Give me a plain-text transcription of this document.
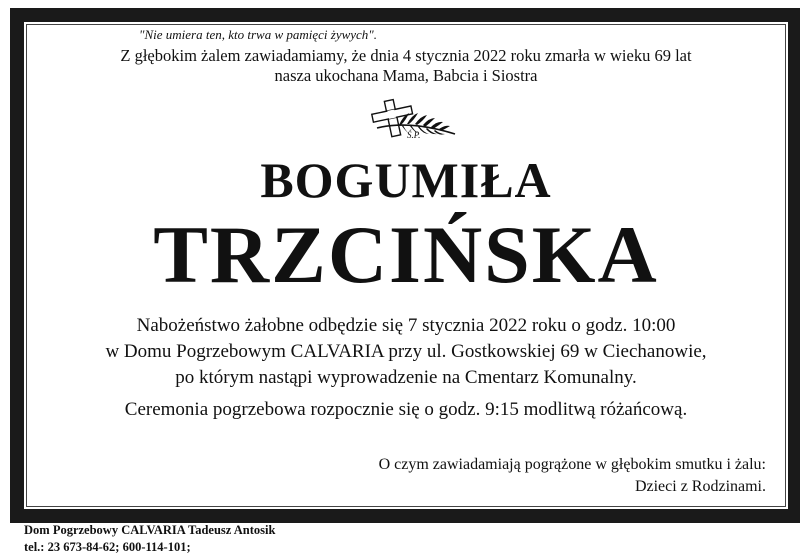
"Nie umiera ten, kto trwa w pamięci żywych".
Z głębokim żalem zawiadamiamy, że dnia 4 stycznia 2022 roku zmarła w wieku 69 lat
nasza ukochana Mama, Babcia i Siostra
Ś.P.
BOGUMIŁA
TRZCIŃSKA
Nabożeństwo żałobne odbędzie się 7 stycznia 2022 roku o godz. 10:00
w Domu Pogrzebowym CALVARIA przy ul. Gostkowskiej 69 w Ciechanowie,
po którym nastąpi wyprowadzenie na Cmentarz Komunalny.
Ceremonia pogrzebowa rozpocznie się o godz. 9:15 modlitwą różańcową.
O czym zawiadamiają pogrążone w głębokim smutku i żalu:
Dzieci z Rodzinami.
Dom Pogrzebowy CALVARIA Tadeusz Antosik
tel.: 23 673-84-62; 600-114-101;
